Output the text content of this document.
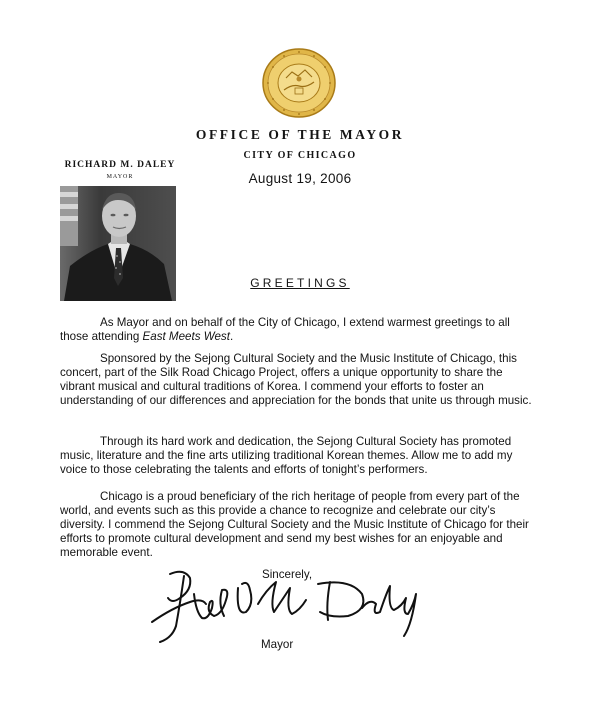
OFFICE OF THE MAYOR
CITY OF CHICAGO
August 19, 2006
RICHARD M. DALEY
MAYOR
GREETINGS

As Mayor and on behalf of the City of Chicago, I extend warmest greetings to all those attending East Meets West.

Sponsored by the Sejong Cultural Society and the Music Institute of Chicago, this concert, part of the Silk Road Chicago Project, offers a unique opportunity to share the vibrant musical and cultural traditions of Korea. I commend your efforts to foster an understanding of our differences and appreciation for the bonds that unite us through music.

Through its hard work and dedication, the Sejong Cultural Society has promoted music, literature and the fine arts utilizing traditional Korean themes. Allow me to add my voice to those celebrating the talents and efforts of tonight’s performers.

Chicago is a proud beneficiary of the rich heritage of people from every part of the world, and events such as this provide a chance to recognize and celebrate our city’s diversity. I commend the Sejong Cultural Society and the Music Institute of Chicago for their efforts to promote cultural development and send my best wishes for an enjoyable and memorable event.

Sincerely,
Mayor
